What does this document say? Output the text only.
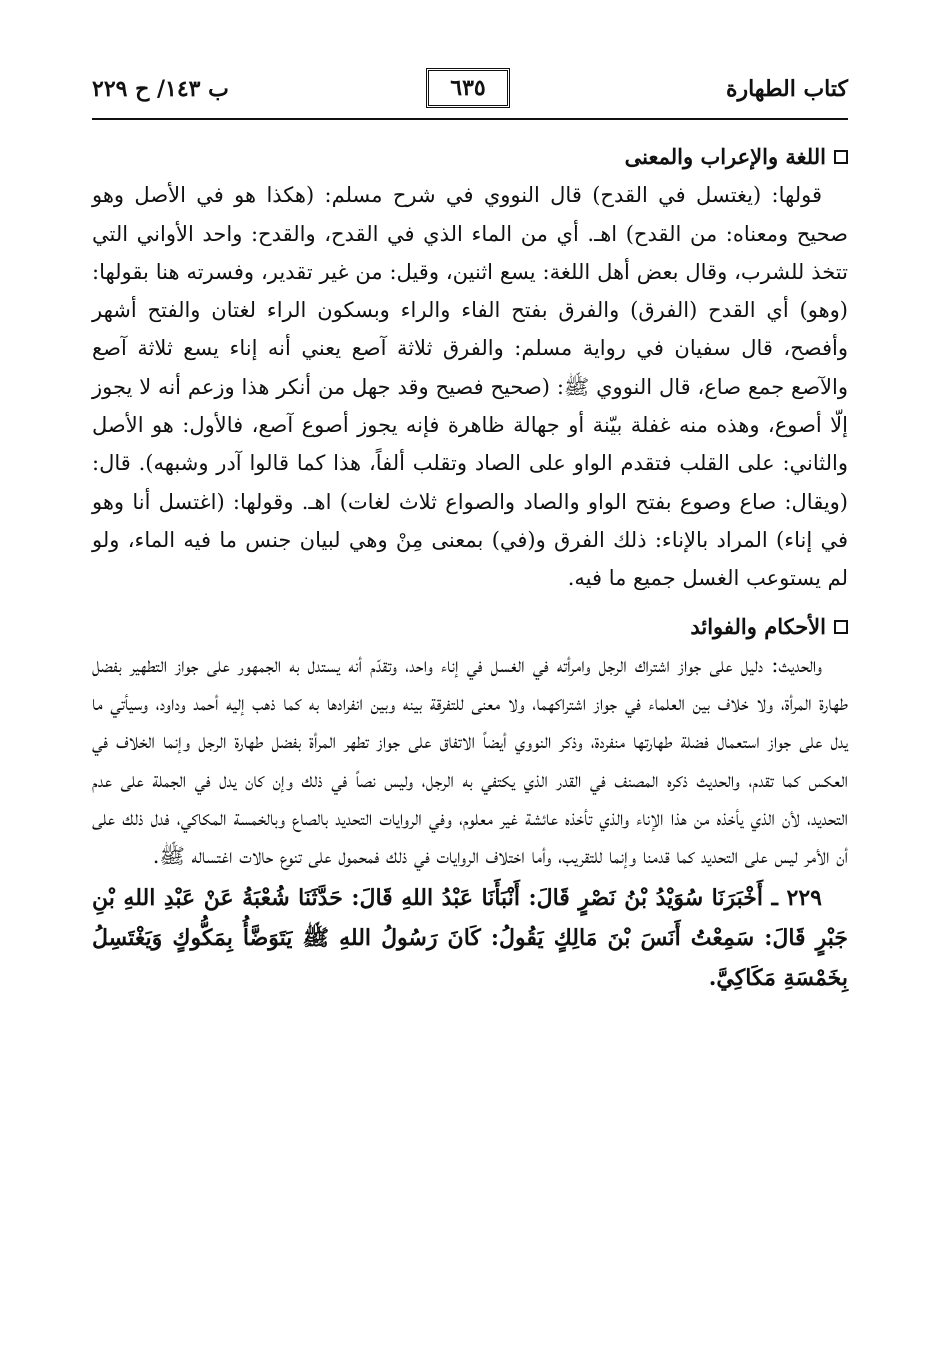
كتاب الطهارة
٦٣٥
ب ١٤٣/ ح ٢٢٩
اللغة والإعراب والمعنى

قولها: (يغتسل في القدح) قال النووي في شرح مسلم: (هكذا هو في الأصل وهو صحيح ومعناه: من القدح) اهـ. أي من الماء الذي في القدح، والقدح: واحد الأواني التي تتخذ للشرب، وقال بعض أهل اللغة: يسع اثنين، وقيل: من غير تقدير، وفسرته هنا بقولها: (وهو) أي القدح (الفرق) والفرق بفتح الفاء والراء وبسكون الراء لغتان والفتح أشهر وأفصح، قال سفيان في رواية مسلم: والفرق ثلاثة آصع يعني أنه إناء يسع ثلاثة آصع والآصع جمع صاع، قال النووي ﷺ: (صحيح فصيح وقد جهل من أنكر هذا وزعم أنه لا يجوز إلّا أصوع، وهذه منه غفلة بيّنة أو جهالة ظاهرة فإنه يجوز أصوع آصع، فالأول: هو الأصل والثاني: على القلب فتقدم الواو على الصاد وتقلب ألفاً، هذا كما قالوا آدر وشبهه). قال: (ويقال: صاع وصوع بفتح الواو والصاد والصواع ثلاث لغات) اهـ. وقولها: (اغتسل أنا وهو في إناء) المراد بالإناء: ذلك الفرق و(في) بمعنى مِنْ وهي لبيان جنس ما فيه الماء، ولو لم يستوعب الغسل جميع ما فيه.

الأحكام والفوائد

والحديث: دليل على جواز اشتراك الرجل وامرأته في الغسل في إناء واحد، وتقدّم أنه يستدل به الجمهور على جواز التطهير بفضل طهارة المرأة، ولا خلاف بين العلماء في جواز اشتراكهما، ولا معنى للتفرقة بينه وبين انفرادها به كما ذهب إليه أحمد وداود، وسيأتي ما يدل على جواز استعمال فضلة طهارتها منفردة، وذكر النووي أيضاً الاتفاق على جواز تطهر المرأة بفضل طهارة الرجل وإنما الخلاف في العكس كما تقدم، والحديث ذكره المصنف في القدر الذي يكتفي به الرجل، وليس نصاً في ذلك وإن كان يدل في الجملة على عدم التحديد، لأن الذي يأخذه من هذا الإناء والذي تأخذه عائشة غير معلوم، وفي الروايات التحديد بالصاع وبالخمسة المكاكي، فدل ذلك على أن الأمر ليس على التحديد كما قدمنا وإنما للتقريب، وأما اختلاف الروايات في ذلك فمحمول على تنوع حالات اغتساله ﷺ.

٢٢٩ ـ أَخْبَرَنَا سُوَيْدُ بْنُ نَصْرٍ قَالَ: أَنْبَأَنَا عَبْدُ اللهِ قَالَ: حَدَّثَنَا شُعْبَةُ عَنْ عَبْدِ اللهِ بْنِ جَبْرٍ قَالَ: سَمِعْتُ أَنَسَ بْنَ مَالِكٍ يَقُولُ: كَانَ رَسُولُ اللهِ ﷺ يَتَوَضَّأُ بِمَكُّوكٍ وَيَغْتَسِلُ بِخَمْسَةِ مَكَاكِيَّ.
